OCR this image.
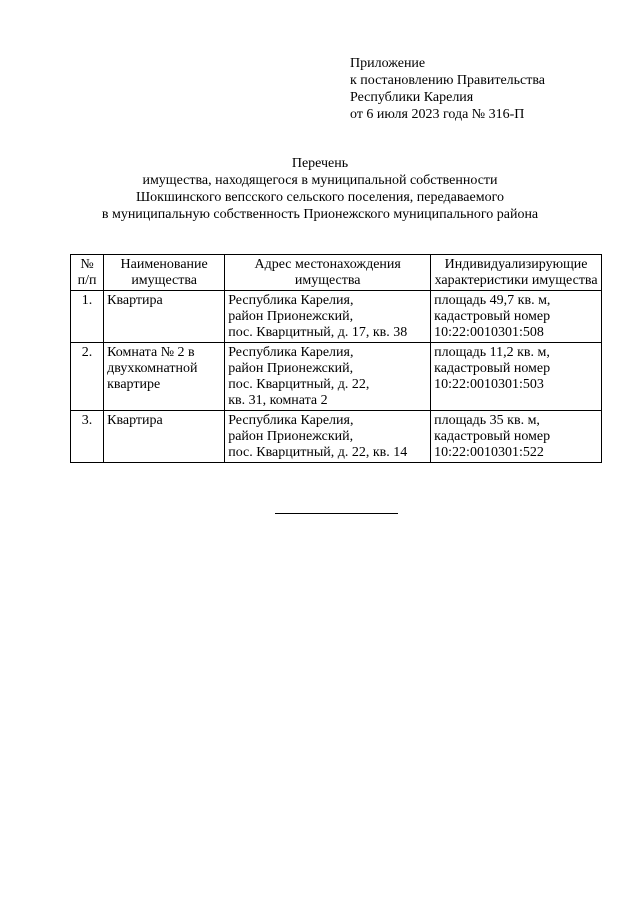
Приложение
к постановлению Правительства
Республики Карелия
от 6 июля 2023 года № 316-П
Перечень
имущества, находящегося в муниципальной собственности
Шокшинского вепсского сельского поселения, передаваемого
в муниципальную собственность Прионежского муниципального района
№ п/п	Наименование имущества	Адрес местонахождения имущества	Индивидуализирующие характеристики имущества
1.	Квартира	Республика Карелия,
район Прионежский,
пос. Кварцитный, д. 17, кв. 38	площадь 49,7 кв. м,
кадастровый номер
10:22:0010301:508

2.	Комната № 2 в
двухкомнатной
квартире	Республика Карелия,
район Прионежский,
пос. Кварцитный, д. 22,
кв. 31, комната 2	площадь 11,2 кв. м,
кадастровый номер
10:22:0010301:503

3.	Квартира	Республика Карелия,
район Прионежский,
пос. Кварцитный, д. 22, кв. 14	площадь 35 кв. м,
кадастровый номер
10:22:0010301:522
